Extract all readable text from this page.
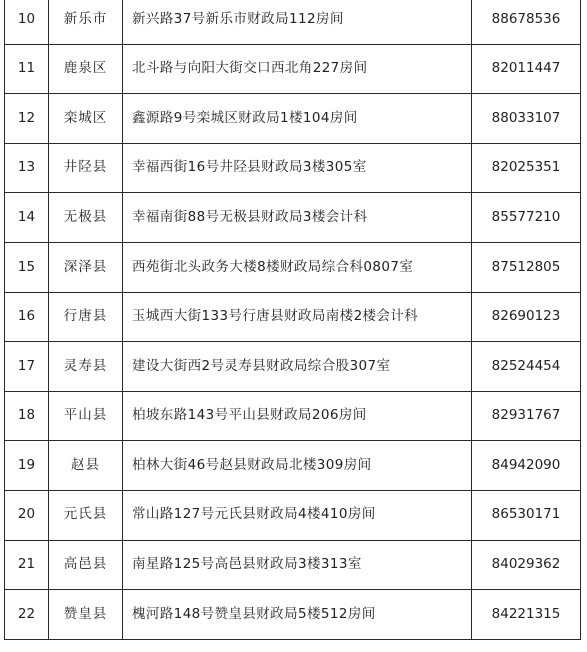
10	新乐市	新兴路37号新乐市财政局112房间	88678536
11	鹿泉区	北斗路与向阳大街交口西北角227房间	82011447
12	栾城区	鑫源路9号栾城区财政局1楼104房间	88033107
13	井陉县	幸福西街16号井陉县财政局3楼305室	82025351
14	无极县	幸福南街88号无极县财政局3楼会计科	85577210
15	深泽县	西苑街北头政务大楼8楼财政局综合科0807室	87512805
16	行唐县	玉城西大街133号行唐县财政局南楼2楼会计科	82690123
17	灵寿县	建设大街西2号灵寿县财政局综合股307室	82524454
18	平山县	柏坡东路143号平山县财政局206房间	82931767
19	赵县	柏林大街46号赵县财政局北楼309房间	84942090
20	元氏县	常山路127号元氏县财政局4楼410房间	86530171
21	高邑县	南星路125号高邑县财政局3楼313室	84029362
22	赞皇县	槐河路148号赞皇县财政局5楼512房间	84221315
